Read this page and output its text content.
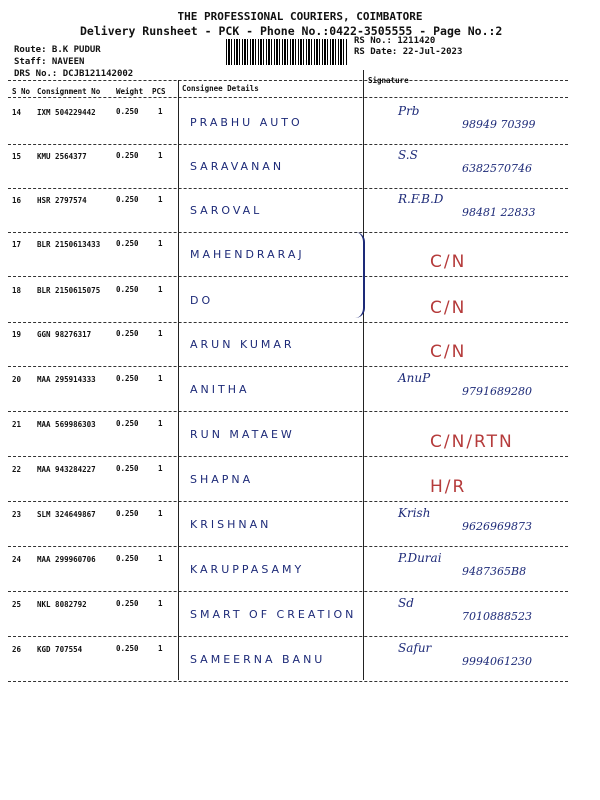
THE PROFESSIONAL COURIERS, COIMBATORE
Delivery Runsheet - PCK - Phone No.:0422-3505555 - Page No.:2
Route: B.K PUDUR
Staff: NAVEEN
DRS No.: DCJB121142002
RS No.: 1211420
RS Date: 22-Jul-2023
S No Consignment No Weight PCS Consignee Details
Signature
14 IXM 504229442	0.250	1
PRABHU AUTO
Prb
98949 70399
15 KMU 2564377	0.250	1
SARAVANAN
S.S
6382570746
16 HSR 2797574	0.250	1
SAROVAL
R.F.B.D
98481 22833
17 BLR 2150613433 0.250	1
MAHENDRARAJ	C/N
18 BLR 2150615075 0.250	1
DO	C/N
19 GGN 98276317	0.250	1
ARUN KUMAR	C/N
20 MAA 295914333	0.250	1
ANITHA
AnuP
9791689280
21 MAA 569986303	0.250	1
RUN MATAEW	C/N/RTN
22 MAA 943284227	0.250	1
SHAPNA	H/R
23 SLM 324649867	0.250	1
KRISHNAN
Krish
9626969873
24 MAA 299960706	0.250	1
KARUPPASAMY
P.Durai
9487365B8
25 NKL 8082792	0.250	1
SMART OF CREATION
Sd
7010888523
26 KGD 707554	0.250	1
SAMEERNA BANU
Safur
9994061230
